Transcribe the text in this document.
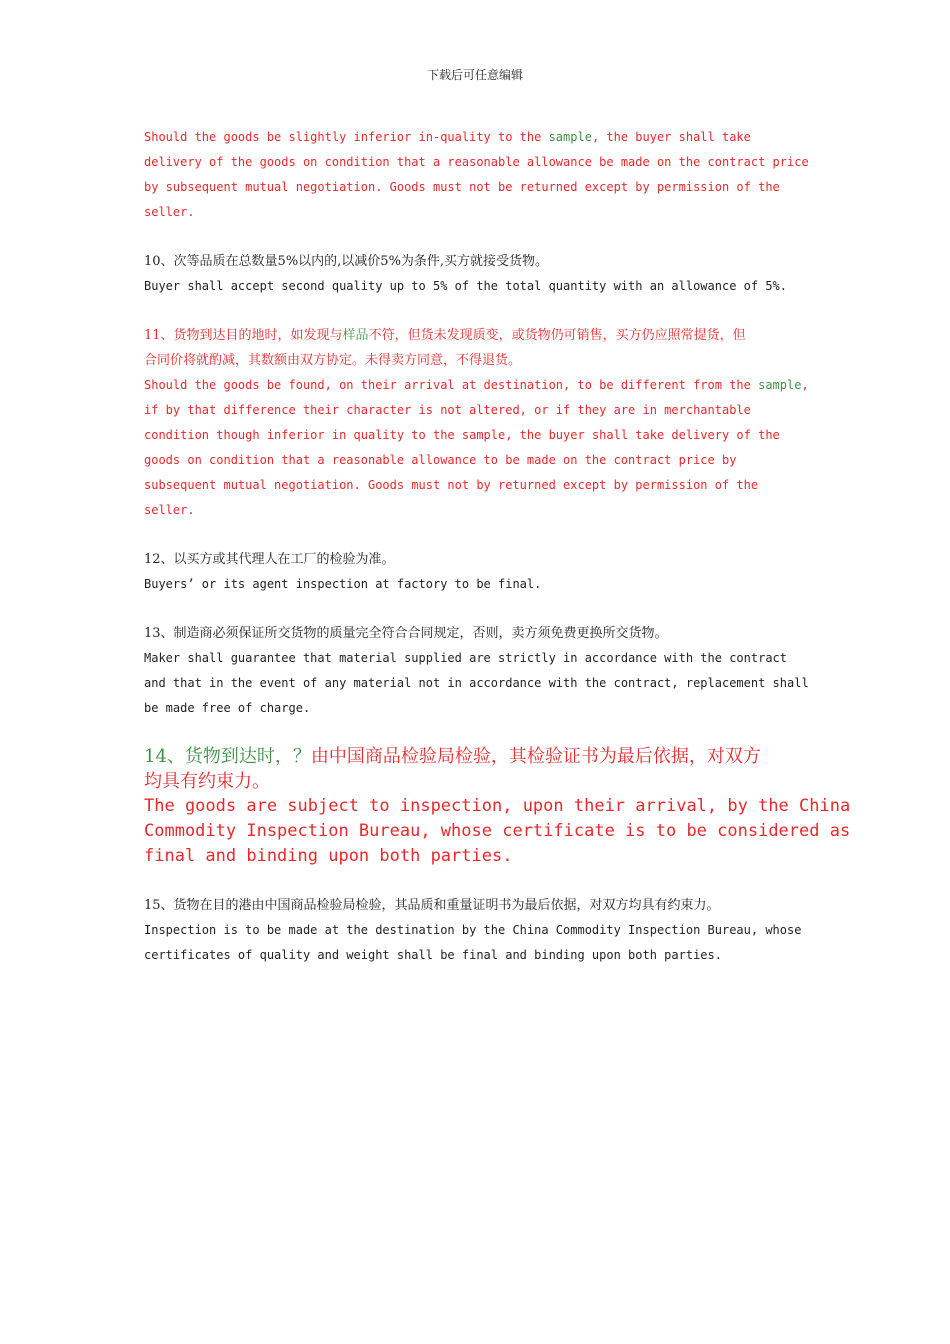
下载后可任意编辑
Should the goods be slightly inferior in-quality to the sample, the buyer shall take
delivery of the goods on condition that a reasonable allowance be made on the contract price
by subsequent mutual negotiation. Goods must not be returned except by permission of the
seller.
10、次等品质在总数量5%以内的,以减价5%为条件,买方就接受货物。
Buyer shall accept second quality up to 5% of the total quantity with an allowance of 5%.
11、货物到达目的地时，如发现与样品不符，但货未发现质变，或货物仍可销售，买方仍应照常提货，但
合同价将就酌减，其数额由双方协定。未得卖方同意，不得退货。
Should the goods be found, on their arrival at destination, to be different from the sample,
if by that difference their character is not altered, or if they are in merchantable
condition though inferior in quality to the sample, the buyer shall take delivery of the
goods on condition that a reasonable allowance to be made on the contract price by
subsequent mutual negotiation. Goods must not by returned except by permission of the
seller.
12、以买方或其代理人在工厂的检验为准。
Buyers’ or its agent inspection at factory to be final.
13、制造商必须保证所交货物的质量完全符合合同规定，否则，卖方须免费更换所交货物。
Maker shall guarantee that material supplied are strictly in accordance with the contract
and that in the event of any material not in accordance with the contract, replacement shall
be made free of charge.
14、货物到达时，？由中国商品检验局检验，其检验证书为最后依据，对双方
均具有约束力。
The goods are subject to inspection, upon their arrival, by the China
Commodity Inspection Bureau, whose certificate is to be considered as
final and binding upon both parties.
15、货物在目的港由中国商品检验局检验，其品质和重量证明书为最后依据，对双方均具有约束力。
Inspection is to be made at the destination by the China Commodity Inspection Bureau, whose
certificates of quality and weight shall be final and binding upon both parties.
